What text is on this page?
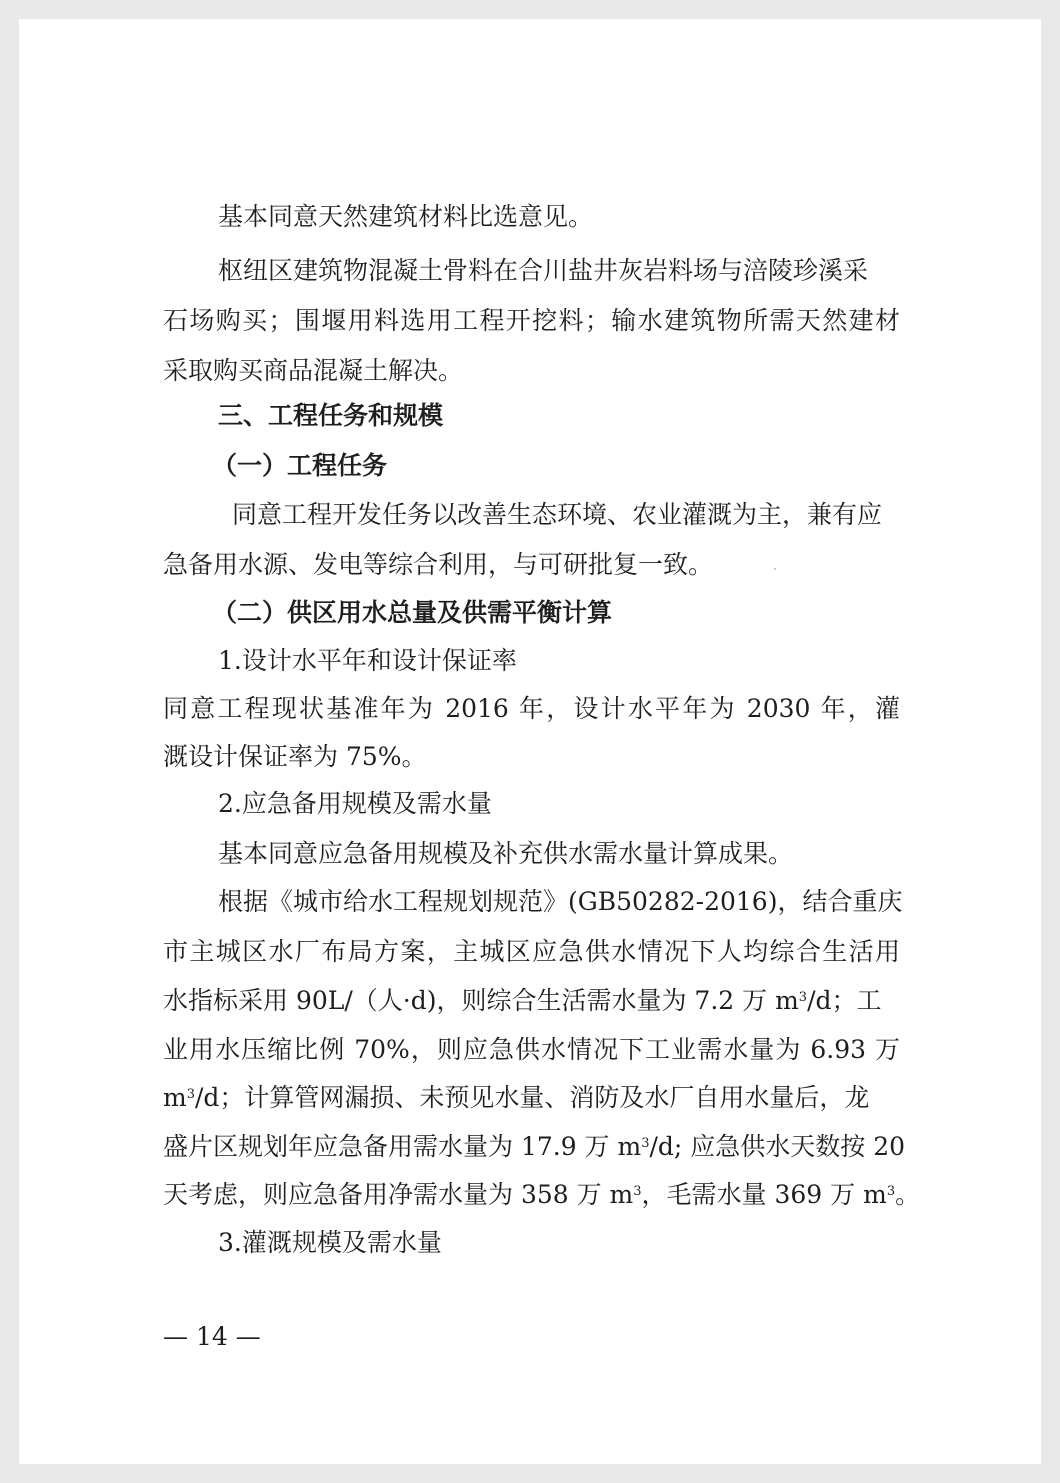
基本同意天然建筑材料比选意见。
枢纽区建筑物混凝土骨料在合川盐井灰岩料场与涪陵珍溪采
石场购买；围堰用料选用工程开挖料；输水建筑物所需天然建材
采取购买商品混凝土解决。
三、工程任务和规模
（一）工程任务
同意工程开发任务以改善生态环境、农业灌溉为主，兼有应
急备用水源、发电等综合利用，与可研批复一致。
（二）供区用水总量及供需平衡计算
1.设计水平年和设计保证率
同意工程现状基准年为 2016 年，设计水平年为 2030 年，灌
溉设计保证率为 75%。
2.应急备用规模及需水量
基本同意应急备用规模及补充供水需水量计算成果。
根据《城市给水工程规划规范》(GB50282-2016)，结合重庆
市主城区水厂布局方案，主城区应急供水情况下人均综合生活用
水指标采用 90L/（人·d)，则综合生活需水量为 7.2 万 $m^3/d$；工
业用水压缩比例 70%，则应急供水情况下工业需水量为 6.93 万
$m^3/d$；计算管网漏损、未预见水量、消防及水厂自用水量后，龙
盛片区规划年应急备用需水量为 17.9 万 $m^3/d$; 应急供水天数按 20
天考虑，则应急备用净需水量为 358 万 $m^3$，毛需水量 369 万 $m^3$。
3.灌溉规模及需水量
— 14 —
